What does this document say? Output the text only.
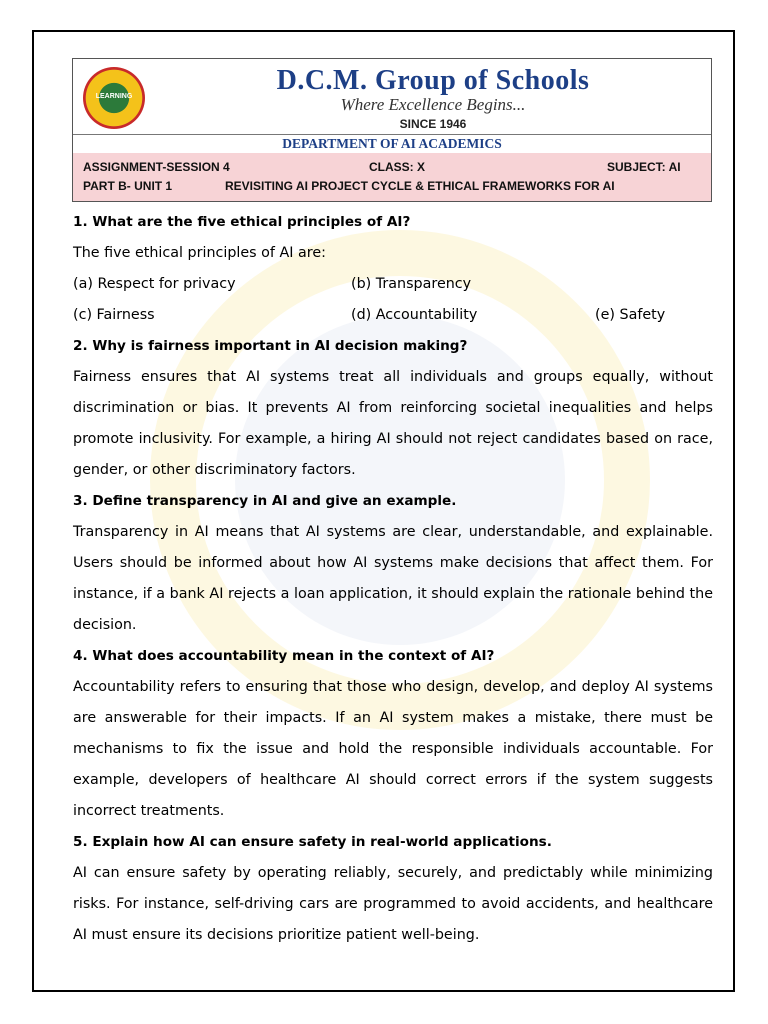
LEARNING
D.C.M. Group of Schools
Where Excellence Begins...
SINCE 1946
DEPARTMENT OF AI ACADEMICS
ASSIGNMENT-SESSION 4	CLASS: X	SUBJECT: AI
PART B- UNIT 1	REVISITING AI PROJECT CYCLE & ETHICAL FRAMEWORKS FOR AI

1. What are the five ethical principles of AI?

The five ethical principles of AI are:
(a) Respect for privacy	(b) Transparency
(c) Fairness	(d) Accountability	(e) Safety

2. Why is fairness important in AI decision making?

Fairness ensures that AI systems treat all individuals and groups equally, without discrimination or bias. It prevents AI from reinforcing societal inequalities and helps promote inclusivity. For example, a hiring AI should not reject candidates based on race, gender, or other discriminatory factors.

3. Define transparency in AI and give an example.

Transparency in AI means that AI systems are clear, understandable, and explainable. Users should be informed about how AI systems make decisions that affect them. For instance, if a bank AI rejects a loan application, it should explain the rationale behind the decision.

4. What does accountability mean in the context of AI?

Accountability refers to ensuring that those who design, develop, and deploy AI systems are answerable for their impacts. If an AI system makes a mistake, there must be mechanisms to fix the issue and hold the responsible individuals accountable. For example, developers of healthcare AI should correct errors if the system suggests incorrect treatments.

5. Explain how AI can ensure safety in real-world applications.

AI can ensure safety by operating reliably, securely, and predictably while minimizing risks. For instance, self-driving cars are programmed to avoid accidents, and healthcare AI must ensure its decisions prioritize patient well-being.
